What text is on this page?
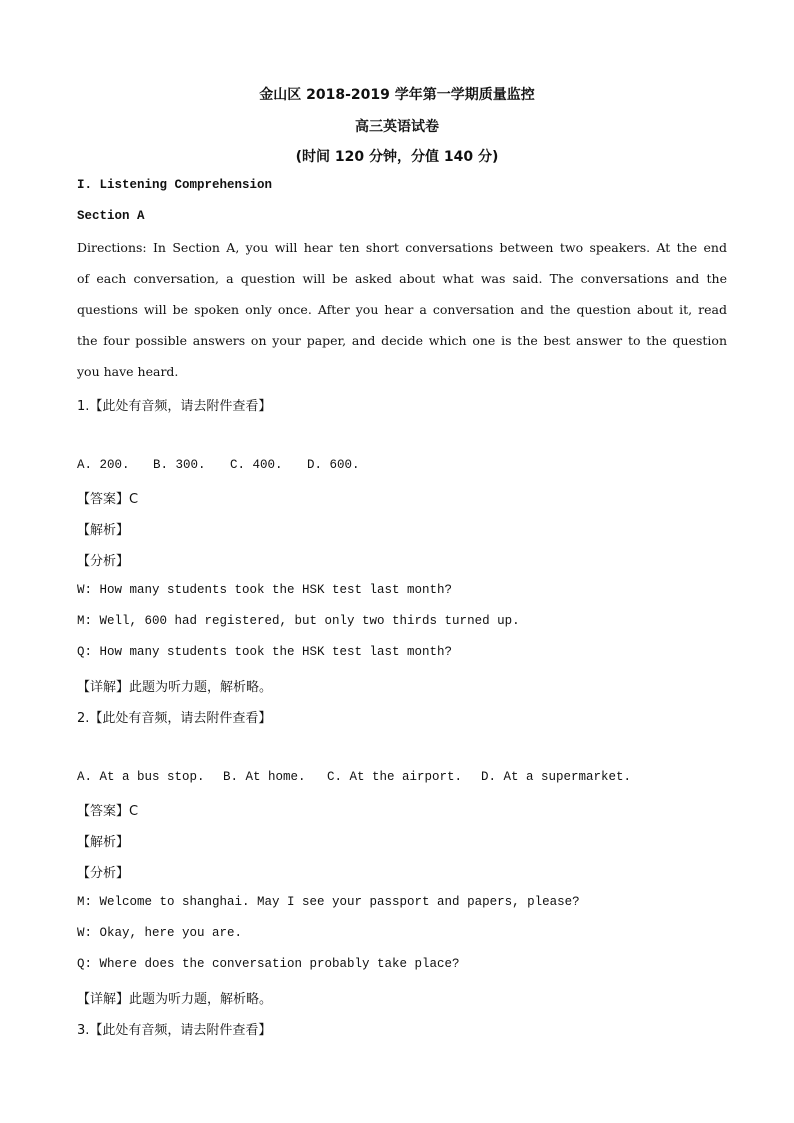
金山区 2018-2019 学年第一学期质量监控
高三英语试卷
(时间 120 分钟，分值 140 分)
I. Listening Comprehension
Section A
Directions: In Section A, you will hear ten short conversations between two speakers. At the end
of each conversation, a question will be asked about what was said. The conversations and the
questions will be spoken only once. After you hear a conversation and the question about it, read
the four possible answers on your paper, and decide which one is the best answer to the question
you have heard.
1.【此处有音频，请去附件查看】
A. 200. B. 300. C. 400. D. 600.
【答案】C
【解析】
【分析】
W: How many students took the HSK test last month?
M: Well, 600 had registered, but only two thirds turned up.
Q: How many students took the HSK test last month?
【详解】此题为听力题，解析略。
2.【此处有音频，请去附件查看】
A. At a bus stop. B. At home. C. At the airport. D. At a supermarket.
【答案】C
【解析】
【分析】
M: Welcome to shanghai. May I see your passport and papers, please?
W: Okay, here you are.
Q: Where does the conversation probably take place?
【详解】此题为听力题，解析略。
3.【此处有音频，请去附件查看】
